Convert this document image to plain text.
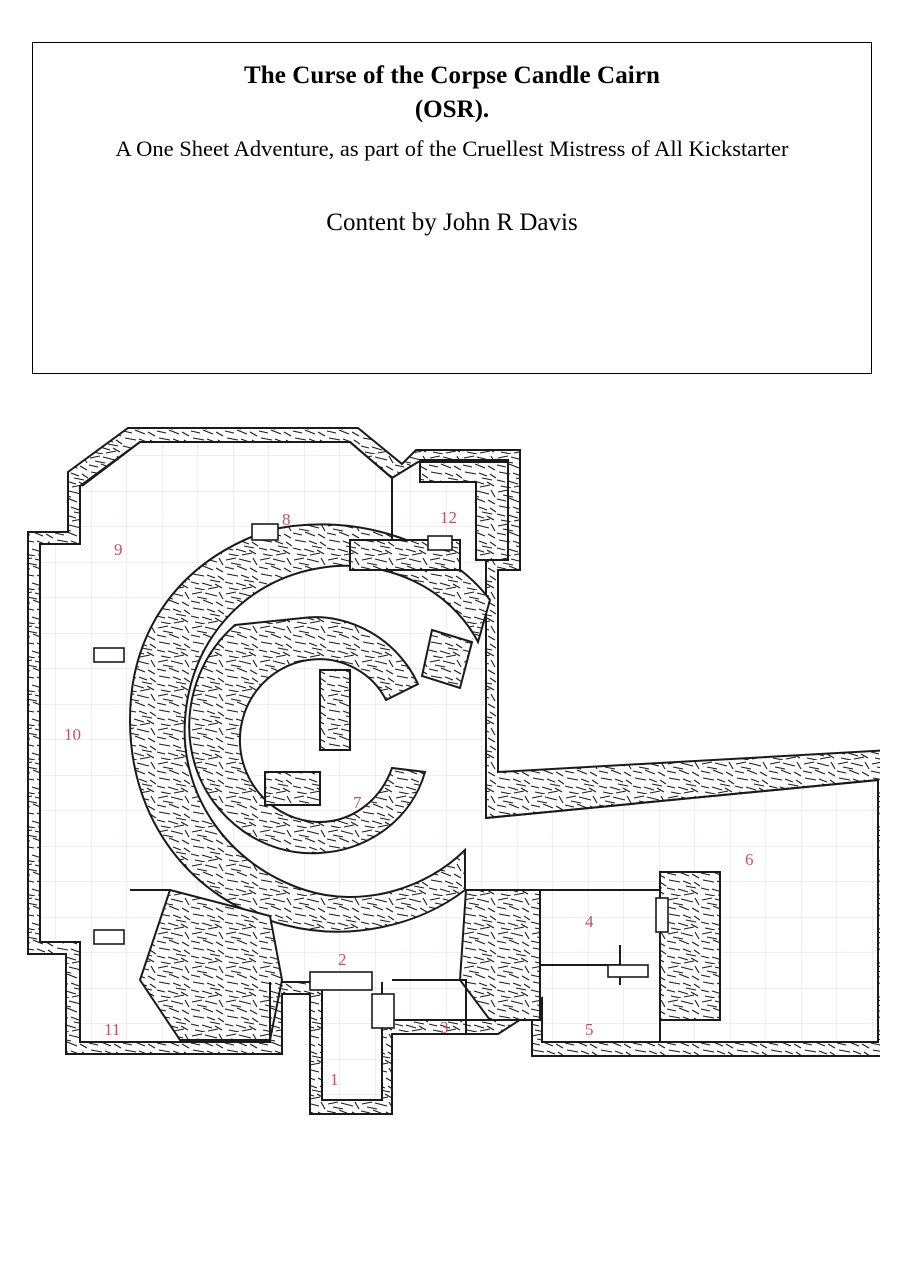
The Curse of the Corpse Candle Cairn
(OSR).
A One Sheet Adventure, as part of the Cruellest Mistress of All Kickstarter
Content by John R Davis
1
2
3
4
5
6
7
8
9
10
11
12
